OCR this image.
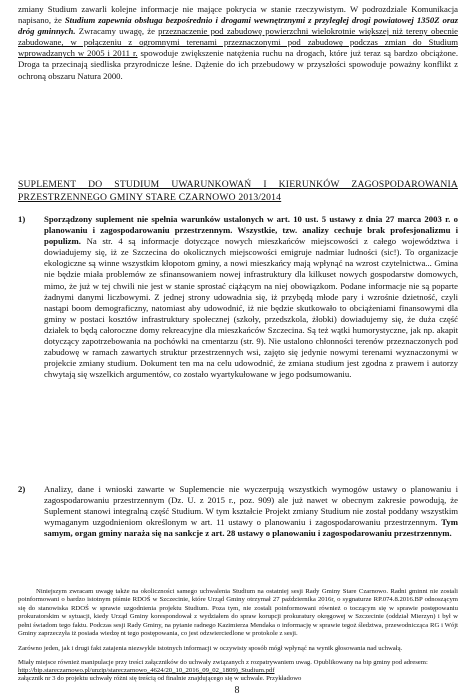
zmiany Studium zawarli kolejne informacje nie mające pokrycia w stanie rzeczywistym. W podrozdziale Komunikacja napisano, że Studium zapewnia obsługa bezpośrednio i drogami wewnętrznymi z przyległej drogi powiatowej 1350Z oraz dróg gminnych. Zwracamy uwagę, że przeznaczenie pod zabudowę powierzchni wielokrotnie większej niż tereny obecnie zabudowane, w połączeniu z ogromnymi terenami przeznaczonymi pod zabudowę podczas zmian do Studium wprowadzanych w 2005 i 2011 r. spowoduje zwiększenie natężenia ruchu na drogach, które już teraz są bardzo obciążone. Droga ta przecinają siedliska przyrodnicze leśne. Dążenie do ich przebudowy w przyszłości spowoduje poważny konflikt z ochroną obszaru Natura 2000.

SUPLEMENT DO STUDIUM UWARUNKOWAŃ I KIERUNKÓW ZAGOSPODAROWANIA
PRZESTRZENNEGO GMINY STARE CZARNOWO 2013/2014
1) Sporządzony suplement nie spełnia warunków ustalonych w art. 10 ust. 5 ustawy z dnia 27 marca 2003 r. o planowaniu i zagospodarowaniu przestrzennym. Wszystkie, tzw. analizy cechuje brak profesjonalizmu i populizm. Na str. 4 są informacje dotyczące nowych mieszkańców miejscowości z całego województwa i dowiadujemy się, iż ze Szczecina do okolicznych miejscowości emigruje nadmiar ludności (sic!). To organizacje ekologiczne są winne wszystkim kłopotom gminy, a nowi mieszkańcy mają wpłynąć na wzrost czytelnictwa... Gmina nie będzie miała problemów ze sfinansowaniem nowej infrastruktury dla kilkuset nowych gospodarstw domowych, mimo, że już w tej chwili nie jest w stanie sprostać ciążącym na niej obowiązkom. Podane informacje nie są poparte żadnymi danymi liczbowymi. Z jednej strony udowadnia się, iż przybędą młode pary i wzrośnie dzietność, czyli nastąpi boom demograficzny, natomiast aby udowodnić, iż nie będzie skutkowało to obciążeniami finansowymi dla gminy w postaci kosztów infrastruktury społecznej (szkoły, przedszkola, żłobki) dowiadujemy się, że duża część działek to będą całoroczne domy rekreacyjne dla mieszkańców Szczecina. Są też wątki humorystyczne, jak np. akapit dotyczący zapotrzebowania na pochówki na cmentarzu (str. 9). Nie ustalono chłonności terenów przeznaczonych pod zabudowę w ramach zawartych struktur przestrzennych wsi, zajęto się jedynie nowymi terenami wyznaczonymi w projekcie zmiany studium. Dokument ten ma na celu udowodnić, że zmiana studium jest zgodna z prawem i autorzy chwytają się wszelkich argumentów, co zostało wyartykułowane w jego podsumowaniu.

2) Analizy, dane i wnioski zawarte w Suplemencie nie wyczerpują wszystkich wymogów ustawy o planowaniu i zagospodarowaniu przestrzennym (Dz. U. z 2015 r., poz. 909) ale już nawet w obecnym zakresie powodują, że Suplement stanowi integralną część Studium. W tym kształcie Projekt zmiany Studium nie został poddany wszystkim wymaganym uzgodnieniom określonym w art. 11 ustawy o planowaniu i zagospodarowaniu przestrzennym. Tym samym, organ gminy naraża się na sankcje z art. 28 ustawy o planowaniu i zagospodarowaniu przestrzennym.

Niniejszym zwracam uwagę także na okoliczności samego uchwalenia Studium na ostatniej sesji Rady Gminy Stare Czarnowo. Radni gminni nie zostali poinformowani o bardzo istotnym piśmie RDOŚ w Szczecinie, które Urząd Gminy otrzymał 27 października 2016r, o sygnaturze RP.074.8.2016.BP odnoszącym się do stanowiska RDOŚ w sprawie uzgodnienia projektu Studium. Poza tym, nie zostali poinformowani również o toczącym się w sprawie postępowaniu prokuratorskim w sytuacji, kiedy Urząd Gminy korespondował z wydziałem do spraw korupcji prokuratury okręgowej w Szczecinie (oddział Mierzyn) i był w pełni świadom tego faktu. Podczas sesji Rady Gminy, na pytanie radnego Kazimierza Mendaka o informację w sprawie tegoż śledztwa, przewodnicząca RG i Wójt Gminy zaprzeczyła iż posiada wiedzę nt tego postępowania, co jest odzwierciedlone w protokole z sesji.

Zarówno jeden, jak i drugi fakt zatajenia niezwykle istotnych informacji w oczywisty sposób mógł wpłynąć na wynik głosowania nad uchwałą.

Miały miejsce również manipulacje przy treści załączników do uchwały związanych z rozpatrywaniem uwag. Opublikowany na bip gminy pod adresem:

http://bip.stareczarnowo.pl/unzip/stareczarnowo_4624/20_10_2016_09_02_1809)_Studium.pdf

załącznik nr 3 do projektu uchwały różni się treścią od finalnie znajdującego się w uchwale. Przykładowo

8
